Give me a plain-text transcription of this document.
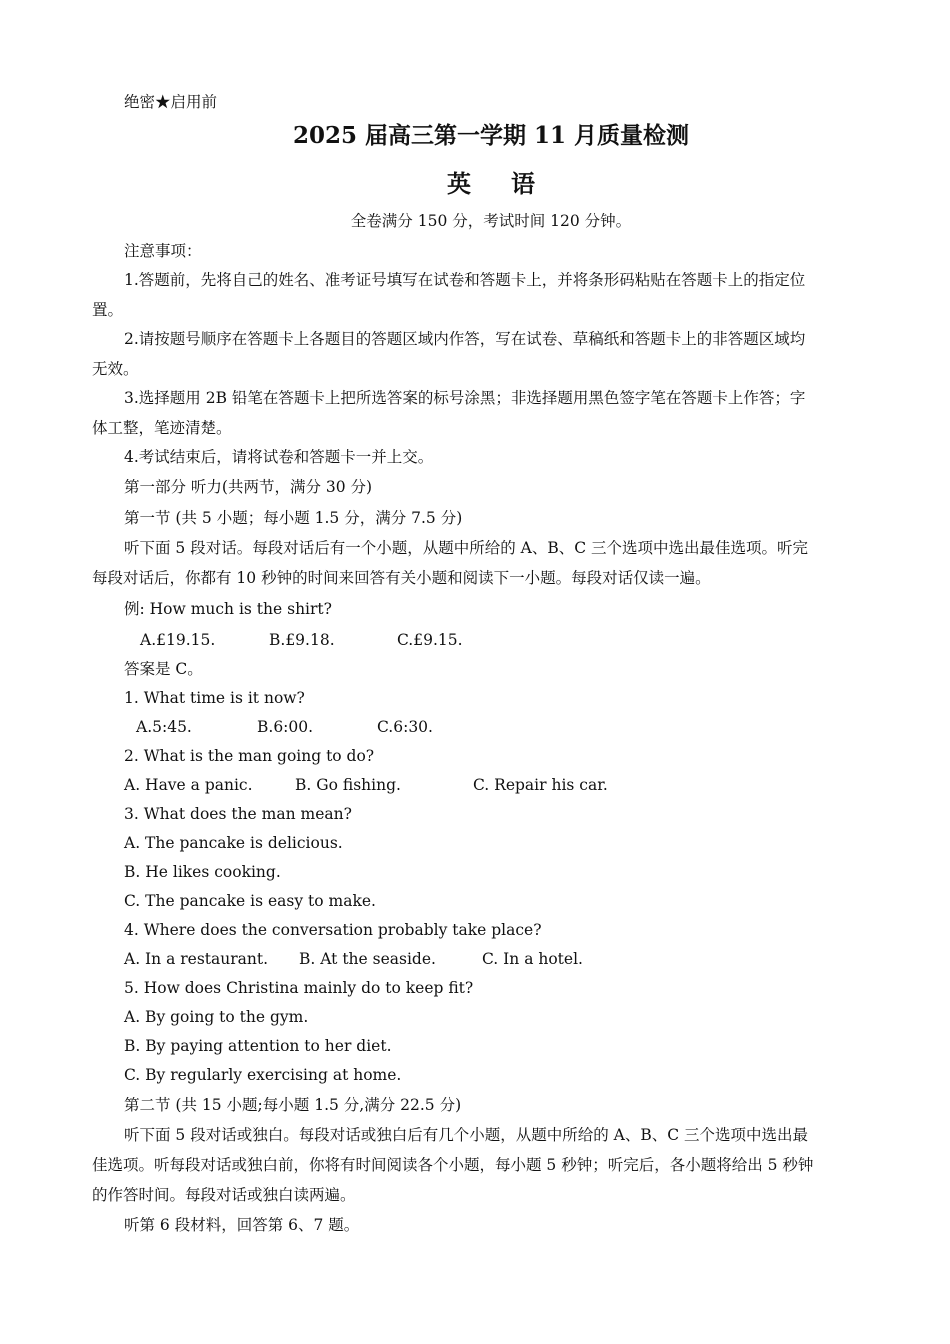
绝密★启用前
2025 届高三第一学期 11 月质量检测
英语
全卷满分 150 分，考试时间 120 分钟。
注意事项：
1.答题前，先将自己的姓名、准考证号填写在试卷和答题卡上，并将条形码粘贴在答题卡上的指定位
置。
2.请按题号顺序在答题卡上各题目的答题区域内作答，写在试卷、草稿纸和答题卡上的非答题区域均
无效。
3.选择题用 2B 铅笔在答题卡上把所选答案的标号涂黑；非选择题用黑色签字笔在答题卡上作答；字
体工整，笔迹清楚。
4.考试结束后，请将试卷和答题卡一并上交。
第一部分 听力(共两节，满分 30 分)
第一节 (共 5 小题；每小题 1.5 分，满分 7.5 分)
听下面 5 段对话。每段对话后有一个小题，从题中所给的 A、B、C 三个选项中选出最佳选项。听完
每段对话后，你都有 10 秒钟的时间来回答有关小题和阅读下一小题。每段对话仅读一遍。
例: How much is the shirt?
A.£19.15.	B.£9.18.	C.£9.15.
答案是 C。
1. What time is it now?
A.5:45.	B.6:00.	C.6:30.
2. What is the man going to do?
A. Have a panic.	B. Go fishing.	C. Repair his car.
3. What does the man mean?
A. The pancake is delicious.
B. He likes cooking.
C. The pancake is easy to make.
4. Where does the conversation probably take place?
A. In a restaurant. B. At the seaside.	C. In a hotel.
5. How does Christina mainly do to keep fit?
A. By going to the gym.
B. By paying attention to her diet.
C. By regularly exercising at home.
第二节 (共 15 小题;每小题 1.5 分,满分 22.5 分)
听下面 5 段对话或独白。每段对话或独白后有几个小题，从题中所给的 A、B、C 三个选项中选出最
佳选项。听每段对话或独白前，你将有时间阅读各个小题，每小题 5 秒钟；听完后，各小题将给出 5 秒钟
的作答时间。每段对话或独白读两遍。
听第 6 段材料，回答第 6、7 题。
